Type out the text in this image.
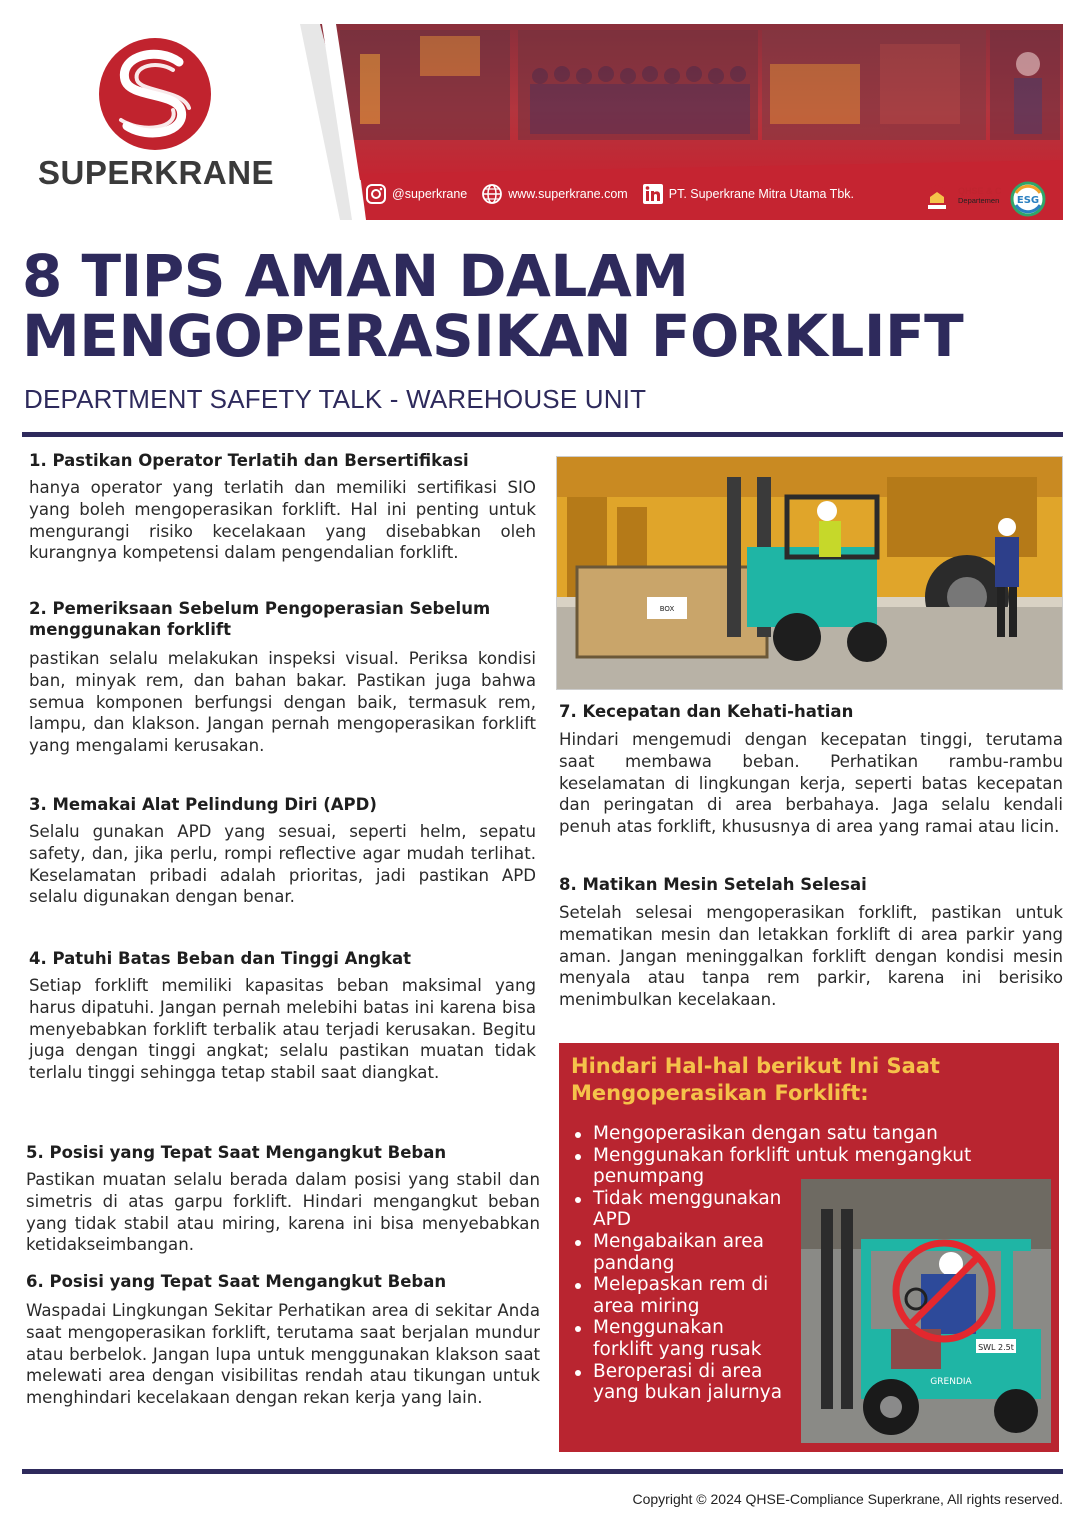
SUPERKRANE
@superkrane	www.superkrane.com	PT. Superkrane Mitra Utama Tbk.	QHSE & C
Departemen ESG
8 TIPS AMAN DALAM
MENGOPERASIKAN FORKLIFT
DEPARTMENT SAFETY TALK - WAREHOUSE UNIT
1. Pastikan Operator Terlatih dan Bersertifikasi
hanya operator yang terlatih dan memiliki sertifikasi SIO yang boleh mengoperasikan forklift. Hal ini penting untuk mengurangi risiko kecelakaan yang disebabkan oleh kurangnya kompetensi dalam pengendalian forklift.
2. Pemeriksaan Sebelum Pengoperasian Sebelum menggunakan forklift
pastikan selalu melakukan inspeksi visual. Periksa kondisi ban, minyak rem, dan bahan bakar. Pastikan juga bahwa semua komponen berfungsi dengan baik, termasuk rem, lampu, dan klakson. Jangan pernah mengoperasikan forklift yang mengalami kerusakan.
3. Memakai Alat Pelindung Diri (APD)
Selalu gunakan APD yang sesuai, seperti helm, sepatu safety, dan, jika perlu, rompi reflective agar mudah terlihat. Keselamatan pribadi adalah prioritas, jadi pastikan APD selalu digunakan dengan benar.
4. Patuhi Batas Beban dan Tinggi Angkat
Setiap forklift memiliki kapasitas beban maksimal yang harus dipatuhi. Jangan pernah melebihi batas ini karena bisa menyebabkan forklift terbalik atau terjadi kerusakan. Begitu juga dengan tinggi angkat; selalu pastikan muatan tidak terlalu tinggi sehingga tetap stabil saat diangkat.
5. Posisi yang Tepat Saat Mengangkut Beban
Pastikan muatan selalu berada dalam posisi yang stabil dan simetris di atas garpu forklift. Hindari mengangkut beban yang tidak stabil atau miring, karena ini bisa menyebabkan ketidakseimbangan.
6. Posisi yang Tepat Saat Mengangkut Beban
Waspadai Lingkungan Sekitar Perhatikan area di sekitar Anda saat mengoperasikan forklift, terutama saat berjalan mundur atau berbelok. Jangan lupa untuk menggunakan klakson saat melewati area dengan visibilitas rendah atau tikungan untuk menghindari kecelakaan dengan rekan kerja yang lain.
BOX
7. Kecepatan dan Kehati-hatian
Hindari mengemudi dengan kecepatan tinggi, terutama saat membawa beban. Perhatikan rambu-rambu keselamatan di lingkungan kerja, seperti batas kecepatan dan peringatan di area berbahaya. Jaga selalu kendali penuh atas forklift, khususnya di area yang ramai atau licin.
8. Matikan Mesin Setelah Selesai
Setelah selesai mengoperasikan forklift, pastikan untuk mematikan mesin dan letakkan forklift di area parkir yang aman. Jangan meninggalkan forklift dengan kondisi mesin menyala atau tanpa rem parkir, karena ini berisiko menimbulkan kecelakaan.
Hindari Hal-hal berikut Ini Saat Mengoperasikan Forklift:
Mengoperasikan dengan satu tangan
Menggunakan forklift untuk mengangkut penumpang
Tidak menggunakan APD
Mengabaikan area pandang
Melepaskan rem di area miring
Menggunakan forklift yang rusak
Beroperasi di area yang bukan jalurnya
SWL 2.5t
GRENDIA
Copyright © 2024 QHSE-Compliance Superkrane, All rights reserved.
